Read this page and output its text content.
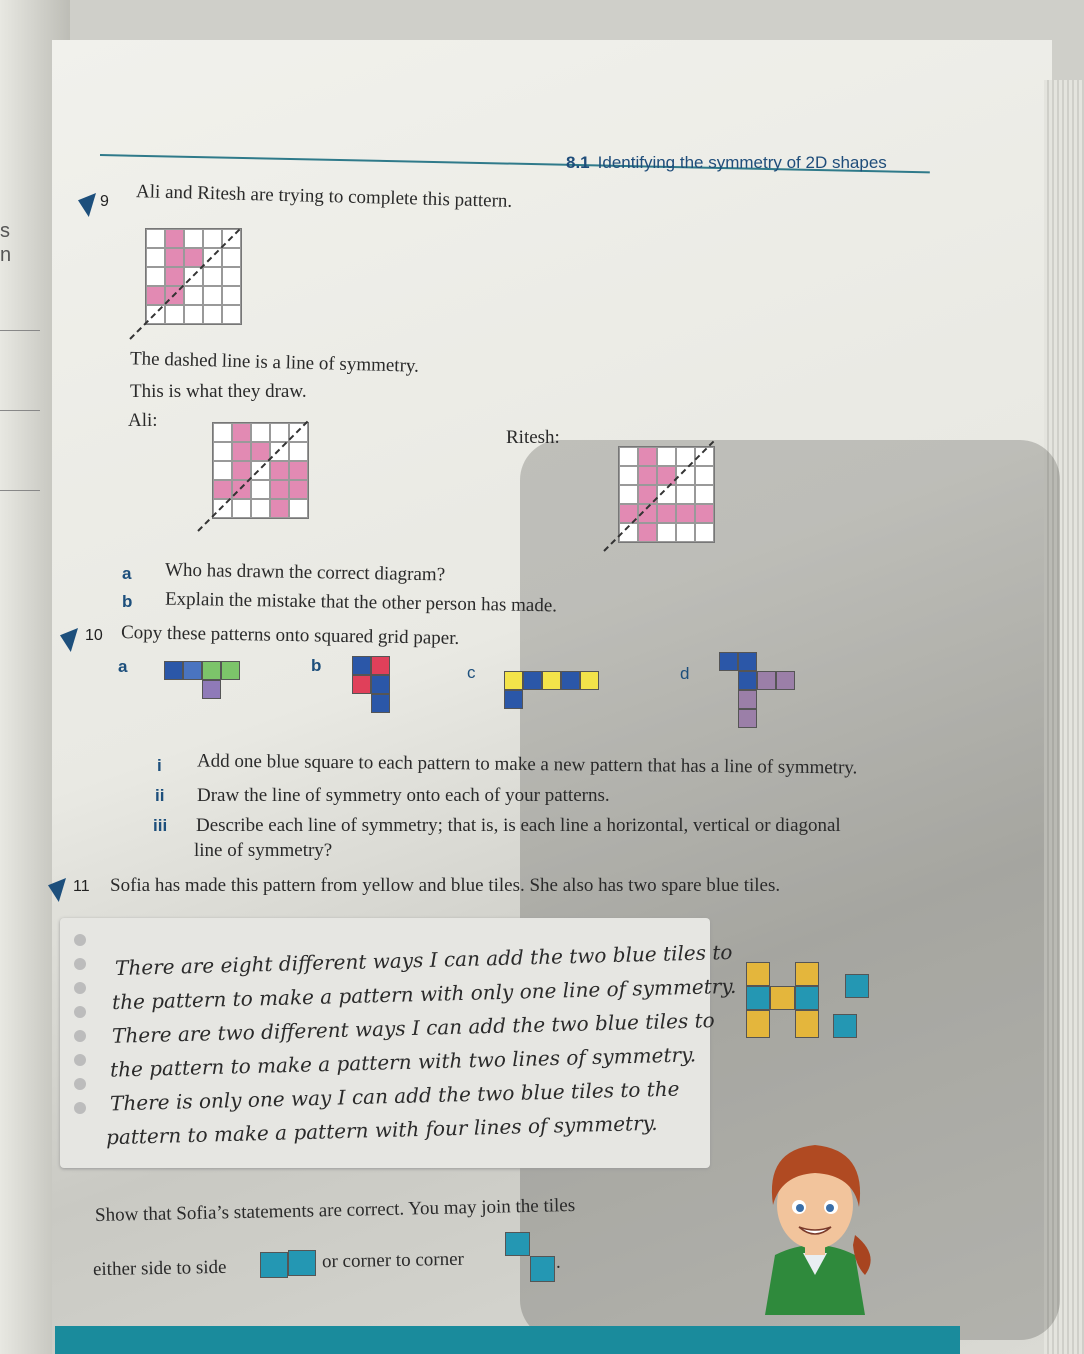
s
n
8.1 Identifying the symmetry of 2D shapes
9 Ali and Ritesh are trying to complete this pattern.
The dashed line is a line of symmetry.
This is what they draw.
Ali:
Ritesh:
a Who has drawn the correct diagram?
b Explain the mistake that the other person has made.
10 Copy these patterns onto squared grid paper.
a	b	c	d
i Add one blue square to each pattern to make a new pattern that has a line of symmetry.
ii Draw the line of symmetry onto each of your patterns.
iii Describe each line of symmetry; that is, is each line a horizontal, vertical or diagonal
line of symmetry?
11 Sofia has made this pattern from yellow and blue tiles. She also has two spare blue tiles.
There are eight different ways I can add the two blue tiles to
the pattern to make a pattern with only one line of symmetry.
There are two different ways I can add the two blue tiles to
the pattern to make a pattern with two lines of symmetry.
There is only one way I can add the two blue tiles to the
pattern to make a pattern with four lines of symmetry.
Show that Sofia’s statements are correct. You may join the tiles
either side to side	or corner to corner	.
